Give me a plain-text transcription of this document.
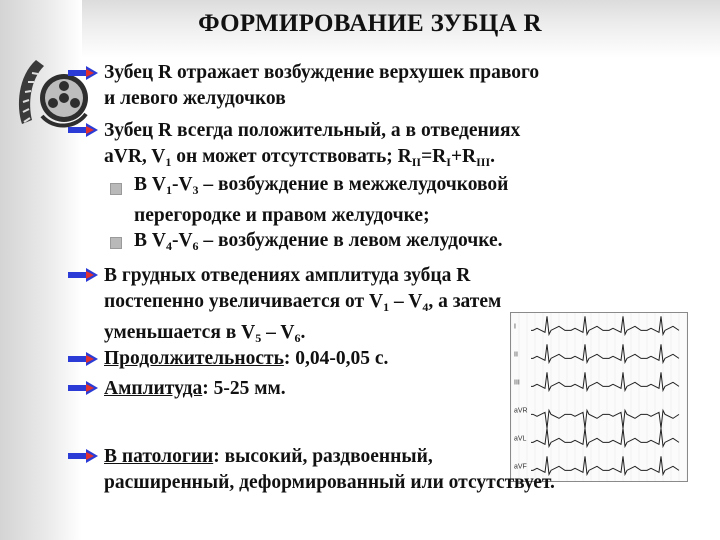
ФОРМИРОВАНИЕ ЗУБЦА R
Зубец R отражает возбуждение верхушек правого
и левого желудочков
Зубец R всегда положительный, а в отведениях
aVR, $V_1$ он может отсутствовать; $R_{II}=R_I+R_{III}$.
В $V_1-V_3$ – возбуждение в межжелудочковой
перегородке и правом желудочке;
В $V_4-V_6$ – возбуждение в левом желудочке.
В грудных отведениях амплитуда зубца R
постепенно увеличивается от $V_1 - V_4$, а затем
уменьшается в $V_5 - V_6$.
Продолжительность: 0,04-0,05 с.
Амплитуда: 5-25 мм.
I
II
III
aVR
aVL
aVF
В патологии: высокий, раздвоенный,
расширенный, деформированный или отсутствует.
